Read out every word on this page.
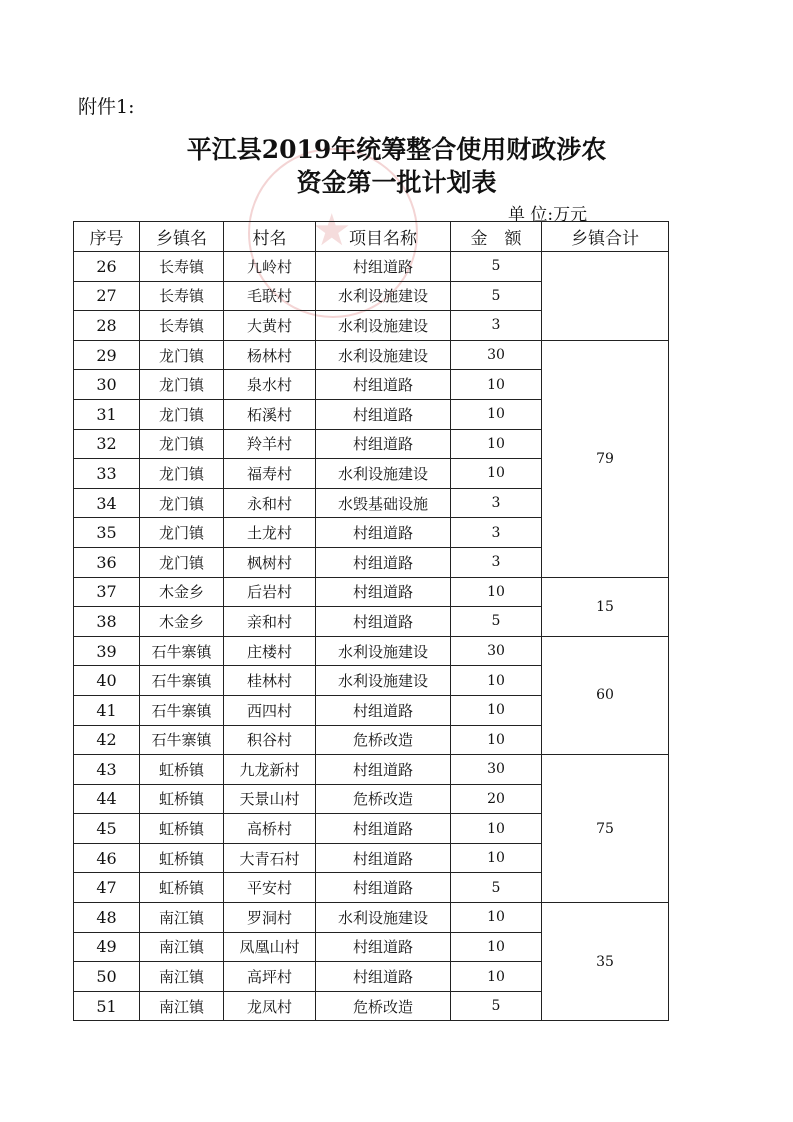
★
附件1:
平江县2019年统筹整合使用财政涉农
资金第一批计划表
单 位:万元
序号	乡镇名	村名	项目名称	金　额	乡镇合计
26	长寿镇	九岭村	村组道路	5	
27	长寿镇	毛联村	水利设施建设	5	
28	长寿镇	大黄村	水利设施建设	3	
29	龙门镇	杨林村	水利设施建设	30	79
30	龙门镇	泉水村	村组道路	10	
31	龙门镇	柘溪村	村组道路	10	
32	龙门镇	羚羊村	村组道路	10	
33	龙门镇	福寿村	水利设施建设	10	
34	龙门镇	永和村	水毁基础设施	3	
35	龙门镇	土龙村	村组道路	3	
36	龙门镇	枫树村	村组道路	3	
37	木金乡	后岩村	村组道路	10	15
38	木金乡	亲和村	村组道路	5	
39	石牛寨镇	庄楼村	水利设施建设	30	60
40	石牛寨镇	桂林村	水利设施建设	10	
41	石牛寨镇	西四村	村组道路	10	
42	石牛寨镇	积谷村	危桥改造	10	
43	虹桥镇	九龙新村	村组道路	30	75
44	虹桥镇	天景山村	危桥改造	20	
45	虹桥镇	高桥村	村组道路	10	
46	虹桥镇	大青石村	村组道路	10	
47	虹桥镇	平安村	村组道路	5	
48	南江镇	罗洞村	水利设施建设	10	35
49	南江镇	凤凰山村	村组道路	10	
50	南江镇	高坪村	村组道路	10	
51	南江镇	龙凤村	危桥改造	5	
